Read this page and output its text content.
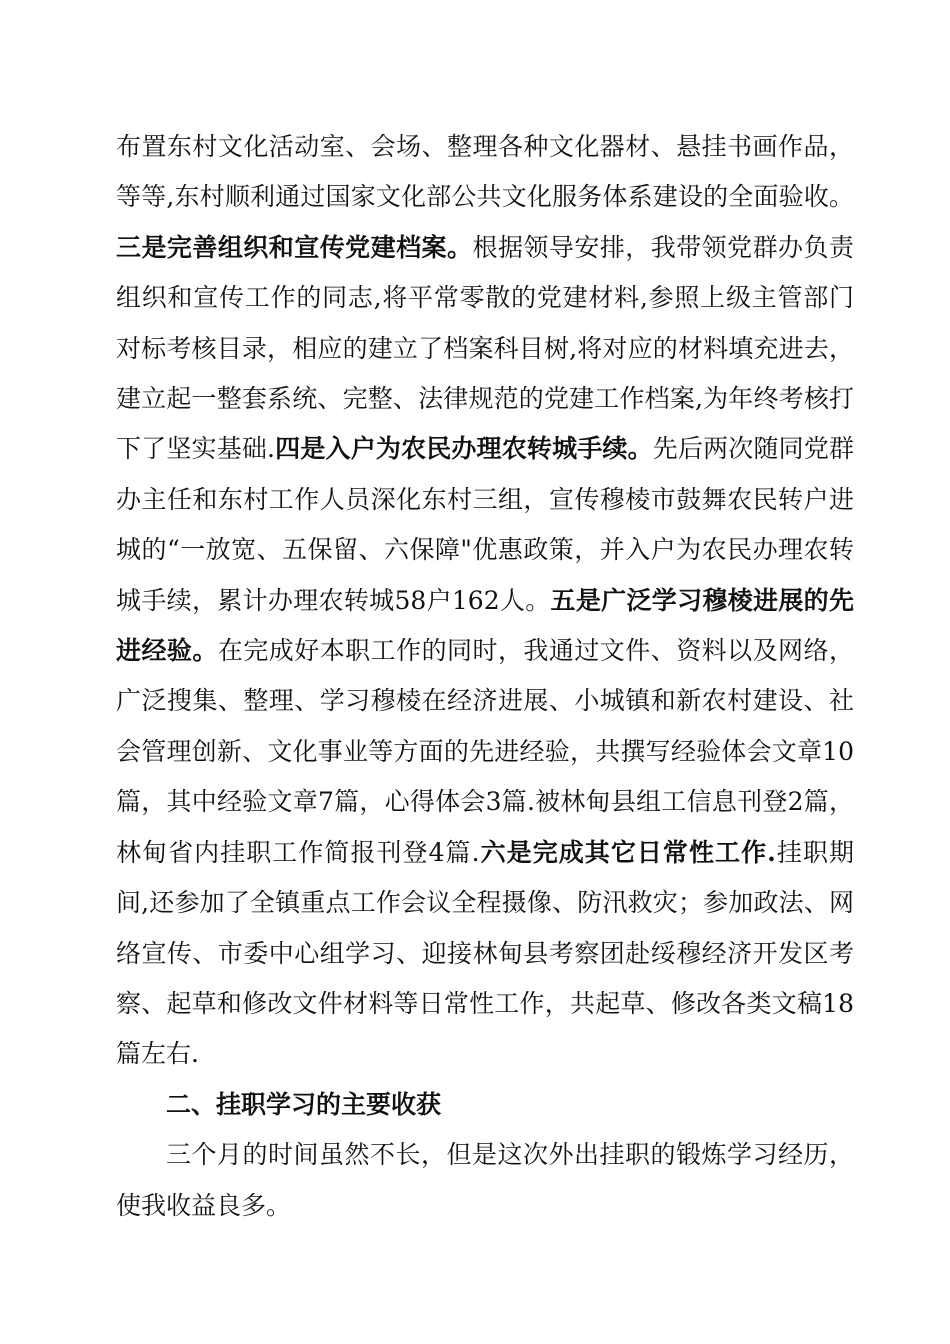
布置东村文化活动室、会场、整理各种文化器材、悬挂书画作品，等等,东村顺利通过国家文化部公共文化服务体系建设的全面验收。三是完善组织和宣传党建档案。根据领导安排，我带领党群办负责组织和宣传工作的同志,将平常零散的党建材料,参照上级主管部门对标考核目录，相应的建立了档案科目树,将对应的材料填充进去，建立起一整套系统、完整、法律规范的党建工作档案,为年终考核打下了坚实基础.四是入户为农民办理农转城手续。先后两次随同党群办主任和东村工作人员深化东村三组，宣传穆棱市鼓舞农民转户进城的“一放宽、五保留、六保障"优惠政策，并入户为农民办理农转城手续，累计办理农转城58户162人。五是广泛学习穆棱进展的先进经验。在完成好本职工作的同时，我通过文件、资料以及网络，广泛搜集、整理、学习穆棱在经济进展、小城镇和新农村建设、社会管理创新、文化事业等方面的先进经验，共撰写经验体会文章10篇，其中经验文章7篇，心得体会3篇.被林甸县组工信息刊登2篇，林甸省内挂职工作简报刊登4篇.六是完成其它日常性工作.挂职期间,还参加了全镇重点工作会议全程摄像、防汛救灾；参加政法、网络宣传、市委中心组学习、迎接林甸县考察团赴绥穆经济开发区考察、起草和修改文件材料等日常性工作，共起草、修改各类文稿18篇左右.

二、挂职学习的主要收获

三个月的时间虽然不长，但是这次外出挂职的锻炼学习经历，使我收益良多。
